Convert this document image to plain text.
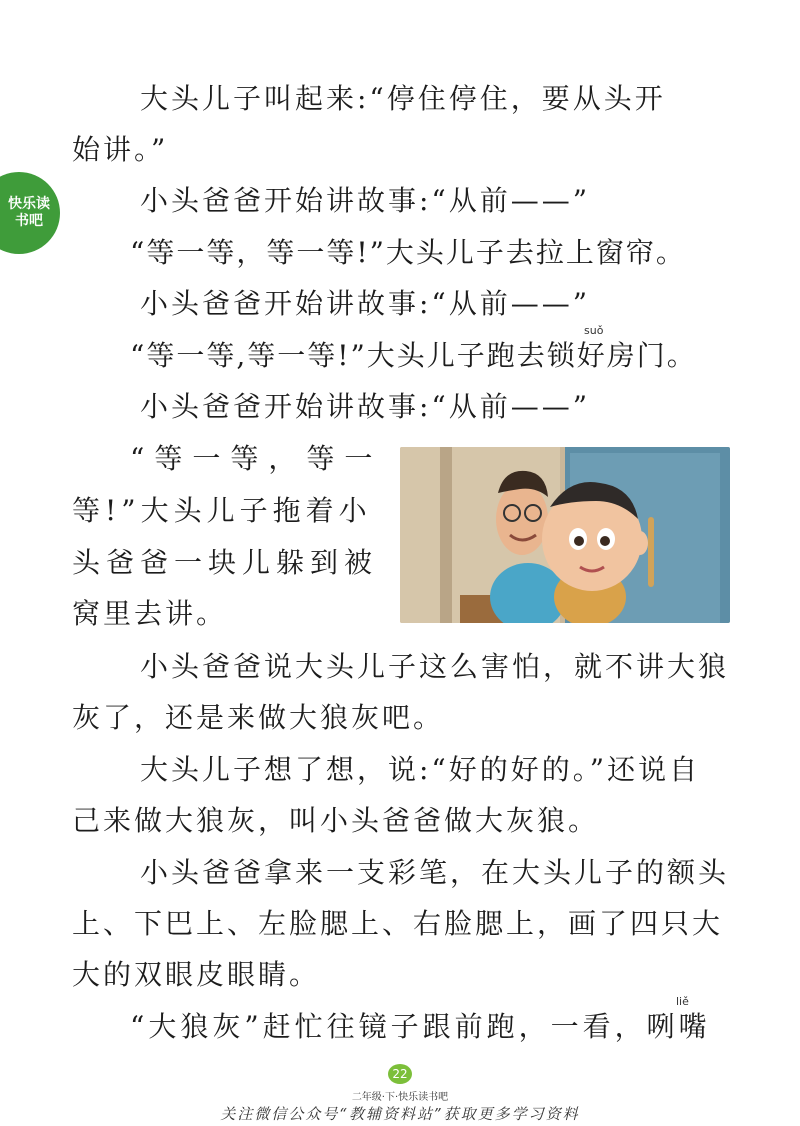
快乐读
书吧
大头儿子叫起来:“停住停住，要从头开
始讲。”
小头爸爸开始讲故事:“从前——”
“等一等，等一等!”大头儿子去拉上窗帘。
小头爸爸开始讲故事:“从前——”
suǒ
“等一等,等一等!”大头儿子跑去锁好房门。
小头爸爸开始讲故事:“从前——”
“等一等，等一
等!”大头儿子拖着小
头爸爸一块儿躲到被
窝里去讲。
小头爸爸说大头儿子这么害怕，就不讲大狼
灰了，还是来做大狼灰吧。
大头儿子想了想，说:“好的好的。”还说自
己来做大狼灰，叫小头爸爸做大灰狼。
小头爸爸拿来一支彩笔，在大头儿子的额头
上、下巴上、左脸腮上、右脸腮上，画了四只大
大的双眼皮眼睛。
liě
“大狼灰”赶忙往镜子跟前跑，一看，咧嘴
22
二年级·下·快乐读书吧
关注微信公众号“教辅资料站”获取更多学习资料
